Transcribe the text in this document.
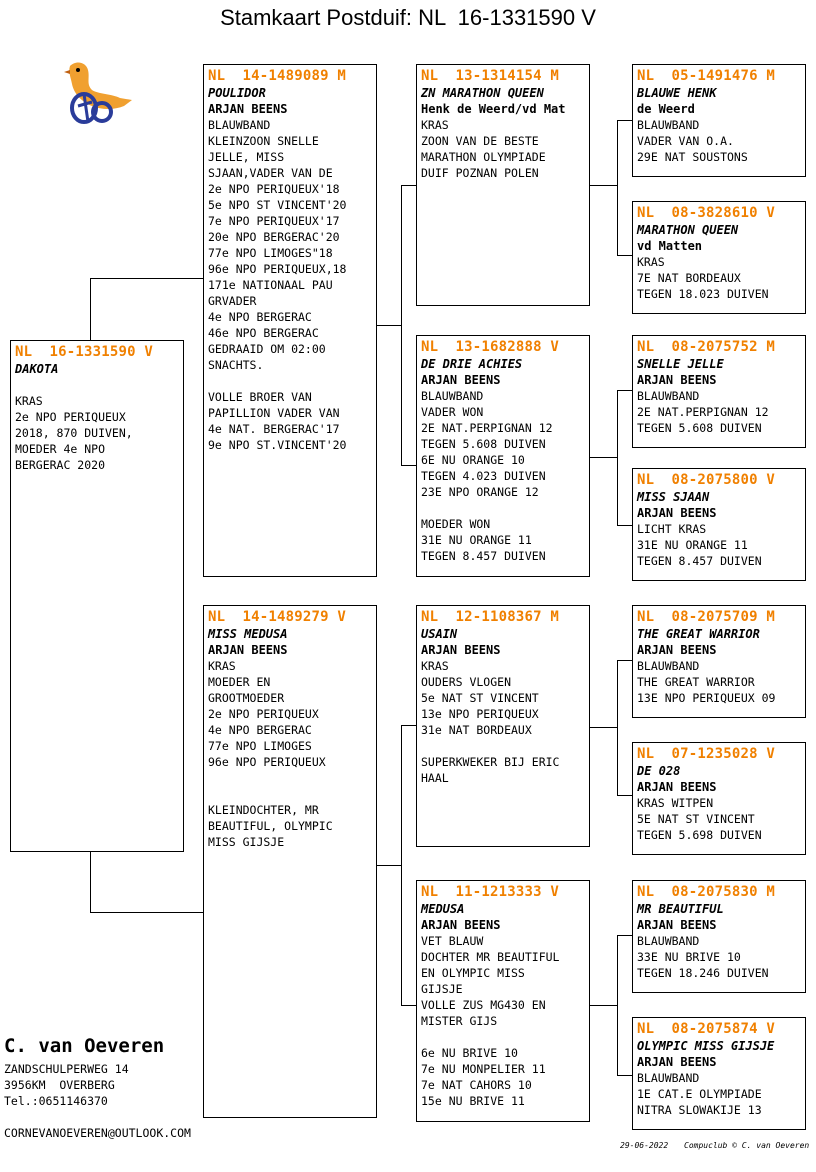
Stamkaart Postduif: NL  16-1331590 V
NL  16-1331590 V
DAKOTA
KRAS
2e NPO PERIQUEUX
2018, 870 DUIVEN,
MOEDER 4e NPO
BERGERAC 2020
NL  14-1489089 M
POULIDOR
ARJAN BEENS
BLAUWBAND
KLEINZOON SNELLE
JELLE, MISS
SJAAN,VADER VAN DE
2e NPO PERIQUEUX'18
5e NPO ST VINCENT'20
7e NPO PERIQUEUX'17
20e NPO BERGERAC'20
77e NPO LIMOGES"18
96e NPO PERIQUEUX,18
171e NATIONAAL PAU
GRVADER
4e NPO BERGERAC
46e NPO BERGERAC
GEDRAAID OM 02:00
SNACHTS.
VOLLE BROER VAN
PAPILLION VADER VAN
4e NAT. BERGERAC'17
9e NPO ST.VINCENT'20
NL  14-1489279 V
MISS MEDUSA
ARJAN BEENS
KRAS
MOEDER EN
GROOTMOEDER
2e NPO PERIQUEUX
4e NPO BERGERAC
77e NPO LIMOGES
96e NPO PERIQUEUX
KLEINDOCHTER, MR
BEAUTIFUL, OLYMPIC
MISS GIJSJE
NL  13-1314154 M
ZN MARATHON QUEEN
Henk de Weerd/vd Mat
KRAS
ZOON VAN DE BESTE
MARATHON OLYMPIADE
DUIF POZNAN POLEN
NL  13-1682888 V
DE DRIE ACHIES
ARJAN BEENS
BLAUWBAND
VADER WON
2E NAT.PERPIGNAN 12
TEGEN 5.608 DUIVEN
6E NU ORANGE 10
TEGEN 4.023 DUIVEN
23E NPO ORANGE 12
MOEDER WON
31E NU ORANGE 11
TEGEN 8.457 DUIVEN
NL  12-1108367 M
USAIN
ARJAN BEENS
KRAS
OUDERS VLOGEN
5e NAT ST VINCENT
13e NPO PERIQUEUX
31e NAT BORDEAUX
SUPERKWEKER BIJ ERIC
HAAL
NL  11-1213333 V
MEDUSA
ARJAN BEENS
VET BLAUW
DOCHTER MR BEAUTIFUL
EN OLYMPIC MISS
GIJSJE
VOLLE ZUS MG430 EN
MISTER GIJS
6e NU BRIVE 10
7e NU MONPELIER 11
7e NAT CAHORS 10
15e NU BRIVE 11
NL  05-1491476 M
BLAUWE HENK
de Weerd
BLAUWBAND
VADER VAN O.A.
29E NAT SOUSTONS
NL  08-3828610 V
MARATHON QUEEN
vd Matten
KRAS
7E NAT BORDEAUX
TEGEN 18.023 DUIVEN
NL  08-2075752 M
SNELLE JELLE
ARJAN BEENS
BLAUWBAND
2E NAT.PERPIGNAN 12
TEGEN 5.608 DUIVEN
NL  08-2075800 V
MISS SJAAN
ARJAN BEENS
LICHT KRAS
31E NU ORANGE 11
TEGEN 8.457 DUIVEN
NL  08-2075709 M
THE GREAT WARRIOR
ARJAN BEENS
BLAUWBAND
THE GREAT WARRIOR
13E NPO PERIQUEUX 09
NL  07-1235028 V
DE 028
ARJAN BEENS
KRAS WITPEN
5E NAT ST VINCENT
TEGEN 5.698 DUIVEN
NL  08-2075830 M
MR BEAUTIFUL
ARJAN BEENS
BLAUWBAND
33E NU BRIVE 10
TEGEN 18.246 DUIVEN
NL  08-2075874 V
OLYMPIC MISS GIJSJE
ARJAN BEENS
BLAUWBAND
1E CAT.E OLYMPIADE
NITRA SLOWAKIJE 13
C. van Oeveren
ZANDSCHULPERWEG 14
3956KM  OVERBERG
Tel.:0651146370
CORNEVANOEVEREN@OUTLOOK.COM
29-06-2022 Compuclub © C. van Oeveren
